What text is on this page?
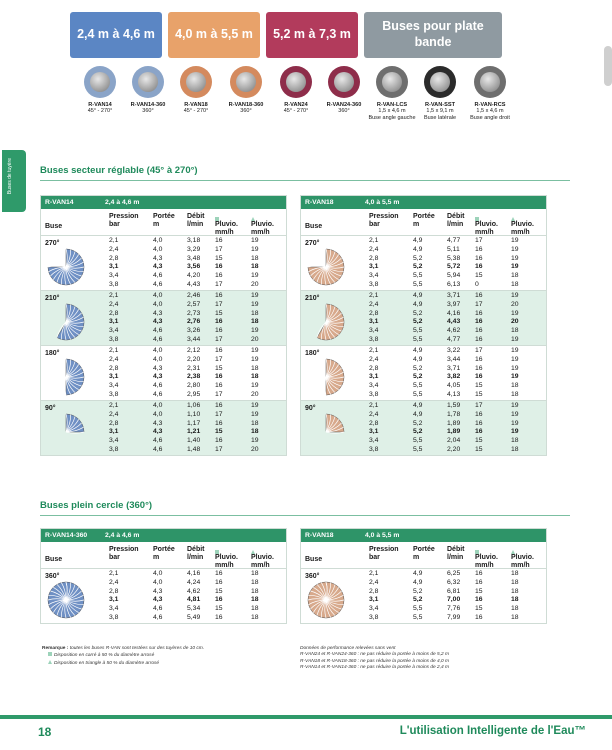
2,4 m à 4,6 m	4,0 m à 5,5 m	5,2 m à 7,3 m
Buses pour plate bande
R-VAN14
45° - 270°
R-VAN14-360
360°
R-VAN18
45° - 270°
R-VAN18-360
360°
R-VAN24
45° - 270°
R-VAN24-360
360°
R-VAN-LCS
1,5 x 4,6 m
Buse angle gauche
R-VAN-SST
1,5 x 9,1 m
Buse latérale
R-VAN-RCS
1,5 x 4,6 m
Buse angle droit
Buses de tuyère	Buses secteur réglable (45° à 270°)
Buses plein cercle (360°)
R-VAN14	2,4 à 4,6 m
Buse
Pression
bar
Portée
m
Débit
l/min Pluvio.
mm/h

Pluvio.
mm/h
270°	2,1	4,0	3,18 16	19
2,4	4,0	3,29 17	19
2,8	4,3	3,48 15	18
3,1	4,3	3,56 16	18
3,4	4,6	4,20 16	19
3,8	4,6	4,43 17	20
210°	2,1	4,0	2,46 16	19
2,4	4,0	2,57 17	19
2,8	4,3	2,73 15	18
3,1	4,3	2,76 16	18
3,4	4,6	3,26 16	19
3,8	4,6	3,44 17	20
180°	2,1	4,0	2,12 16	19
2,4	4,0	2,20 17	19
2,8	4,3	2,31 15	18
3,1	4,3	2,38 16	18
3,4	4,6	2,80 16	19
3,8	4,6	2,95 17	20
90°	2,1	4,0	1,06 16	19
2,4	4,0	1,10 17	19
2,8	4,3	1,17 16	18
3,1	4,3	1,21 15	18
3,4	4,6	1,40 16	19
3,8	4,6	1,48 17	20
R-VAN18	4,0 à 5,5 m
Buse
Pression
bar
Portée
m
Débit
l/min Pluvio.
mm/h

Pluvio.
mm/h
270°	2,1	4,9	4,77 17	19
2,4	4,9	5,11 16	19
2,8	5,2	5,38 16	19
3,1	5,2	5,72 16	19
3,4	5,5	5,94 15	18
3,8	5,5	6,13 0	18
210°	2,1	4,9	3,71 16	19
2,4	4,9	3,97 17	20
2,8	5,2	4,16 16	19
3,1	5,2	4,43 16	20
3,4	5,5	4,62 16	18
3,8	5,5	4,77 16	19
180°	2,1	4,9	3,22 17	19
2,4	4,9	3,44 16	19
2,8	5,2	3,71 16	19
3,1	5,2	3,82 16	19
3,4	5,5	4,05 15	18
3,8	5,5	4,13 15	18
90°	2,1	4,9	1,59 17	19
2,4	4,9	1,78 16	19
2,8	5,2	1,89 16	19
3,1	5,2	1,89 16	19
3,4	5,5	2,04 15	18
3,8	5,5	2,20 15	18
R-VAN14-360	2,4 à 4,6 m
Buse
Pression
bar
Portée
m
Débit
l/min Pluvio.
mm/h

Pluvio.
mm/h
360°	2,1	4,0	4,16 16	18
2,4	4,0	4,24 16	18
2,8	4,3	4,62 15	18
3,1	4,3	4,81 16	18
3,4	4,6	5,34 15	18
3,8	4,6	5,49 16	18
R-VAN18	4,0 à 5,5 m
Buse
Pression
bar
Portée
m
Débit
l/min Pluvio.
mm/h

Pluvio.
mm/h
360°	2,1	4,9	6,25 16	18
2,4	4,9	6,32 16	18
2,8	5,2	6,81 15	18
3,1	5,2	7,00 16	18
3,4	5,5	7,76 15	18
3,8	5,5	7,99 16	18
Remarque : toutes les buses R-VAN sont testées sur des tuyères de 10 cm.
Disposition en carré à 50 % du diamètre arrosé
Disposition en triangle à 50 % du diamètre arrosé
Données de performance relevées sans vent
R-VAN24 et R-VAN24-360 : ne pas réduire la portée à moins de 5,2 m
R-VAN18 et R-VAN18-360 : ne pas réduire la portée à moins de 4,0 m
R-VAN14 et R-VAN14-360 : ne pas réduire la portée à moins de 2,4 m
18	L'utilisation Intelligente de l'Eau™
